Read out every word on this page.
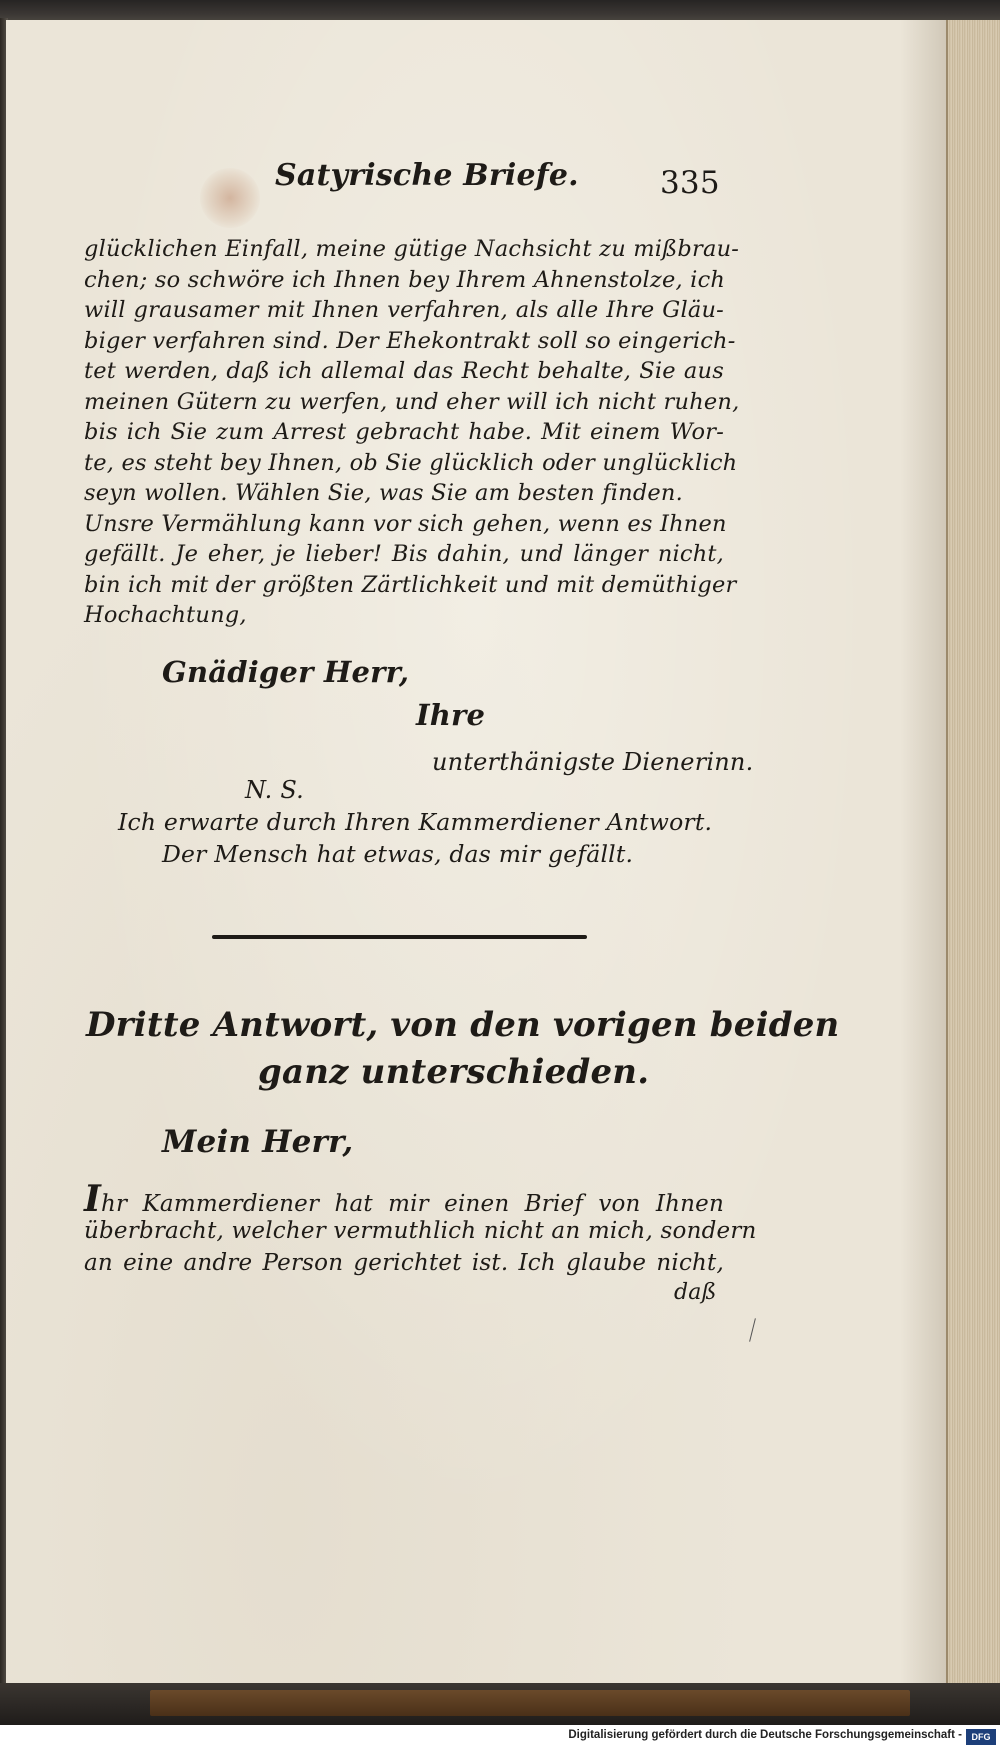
Satyrische Briefe.	335
glücklichen Einfall, meine gütige Nachsicht zu mißbrau-
chen; so schwöre ich Ihnen bey Ihrem Ahnenstolze, ich
will grausamer mit Ihnen verfahren, als alle Ihre Gläu-
biger verfahren sind. Der Ehekontrakt soll so eingerich-
tet werden, daß ich allemal das Recht behalte, Sie aus
meinen Gütern zu werfen, und eher will ich nicht ruhen,
bis ich Sie zum Arrest gebracht habe. Mit einem Wor-
te, es steht bey Ihnen, ob Sie glücklich oder unglücklich
seyn wollen. Wählen Sie, was Sie am besten finden.
Unsre Vermählung kann vor sich gehen, wenn es Ihnen
gefällt. Je eher, je lieber! Bis dahin, und länger nicht,
bin ich mit der größten Zärtlichkeit und mit demüthiger
Hochachtung,
Gnädiger Herr,
Ihre
unterthänigste Dienerinn.
N. S.
Ich erwarte durch Ihren Kammerdiener Antwort.
Der Mensch hat etwas, das mir gefällt.
Dritte Antwort, von den vorigen beiden
ganz unterschieden.
Mein Herr,
Ihr Kammerdiener hat mir einen Brief von Ihnen
überbracht, welcher vermuthlich nicht an mich, sondern
an eine andre Person gerichtet ist. Ich glaube nicht,
daß
Digitalisierung gefördert durch die Deutsche Forschungsgemeinschaft -	DFG
